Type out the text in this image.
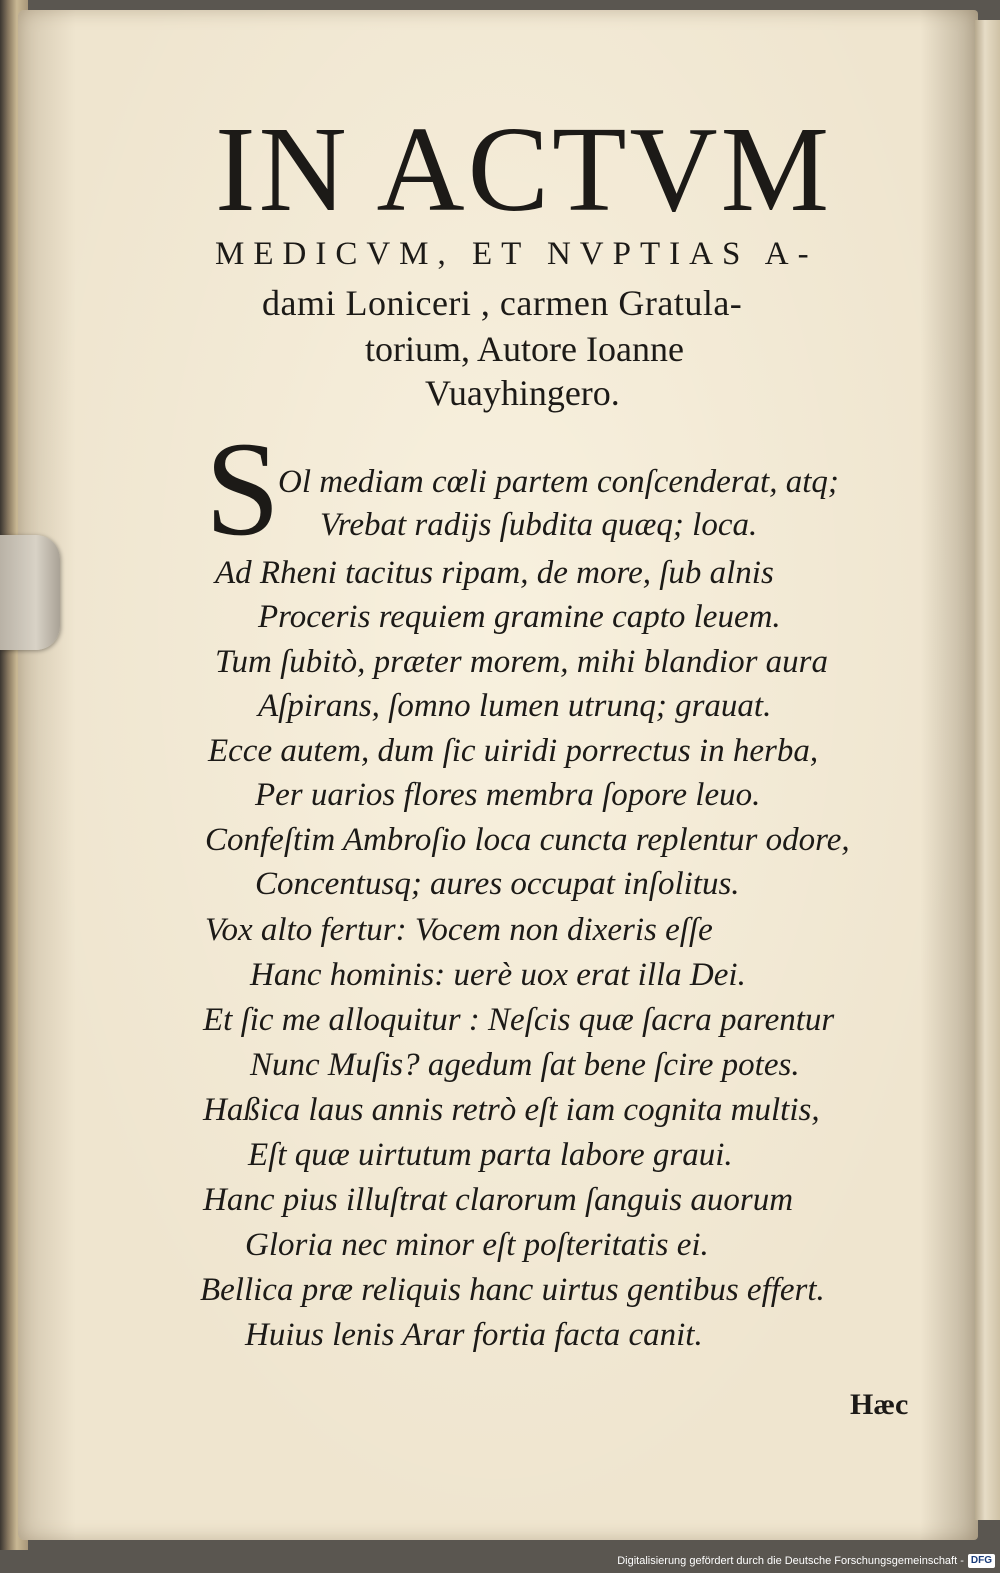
IN ACTVM
MEDICVM, ET NVPTIAS A-
dami Loniceri , carmen Gratula-
torium, Autore Ioanne
Vuayhingero.
S

Ol mediam cœli partem conſcenderat, atq;

Vrebat radijs ſubdita quæq; loca.

Ad Rheni tacitus ripam, de more, ſub alnis

Proceris requiem gramine capto leuem.

Tum ſubitò, præter morem, mihi blandior aura

Aſpirans, ſomno lumen utrunq; grauat.

Ecce autem, dum ſic uiridi porrectus in herba,

Per uarios flores membra ſopore leuo.

Confeſtim Ambroſio loca cuncta replentur odore,

Concentusq; aures occupat inſolitus.

Vox alto fertur: Vocem non dixeris eſſe

Hanc hominis: uerè uox erat illa Dei.

Et ſic me alloquitur : Neſcis quæ ſacra parentur

Nunc Muſis? agedum ſat bene ſcire potes.

Haßica laus annis retrò eſt iam cognita multis,

Eſt quæ uirtutum parta labore graui.

Hanc pius illuſtrat clarorum ſanguis auorum

Gloria nec minor eſt poſteritatis ei.

Bellica præ reliquis hanc uirtus gentibus effert.

Huius lenis Arar fortia facta canit.

Hæc
Digitalisierung gefördert durch die Deutsche Forschungsgemeinschaft - DFG
